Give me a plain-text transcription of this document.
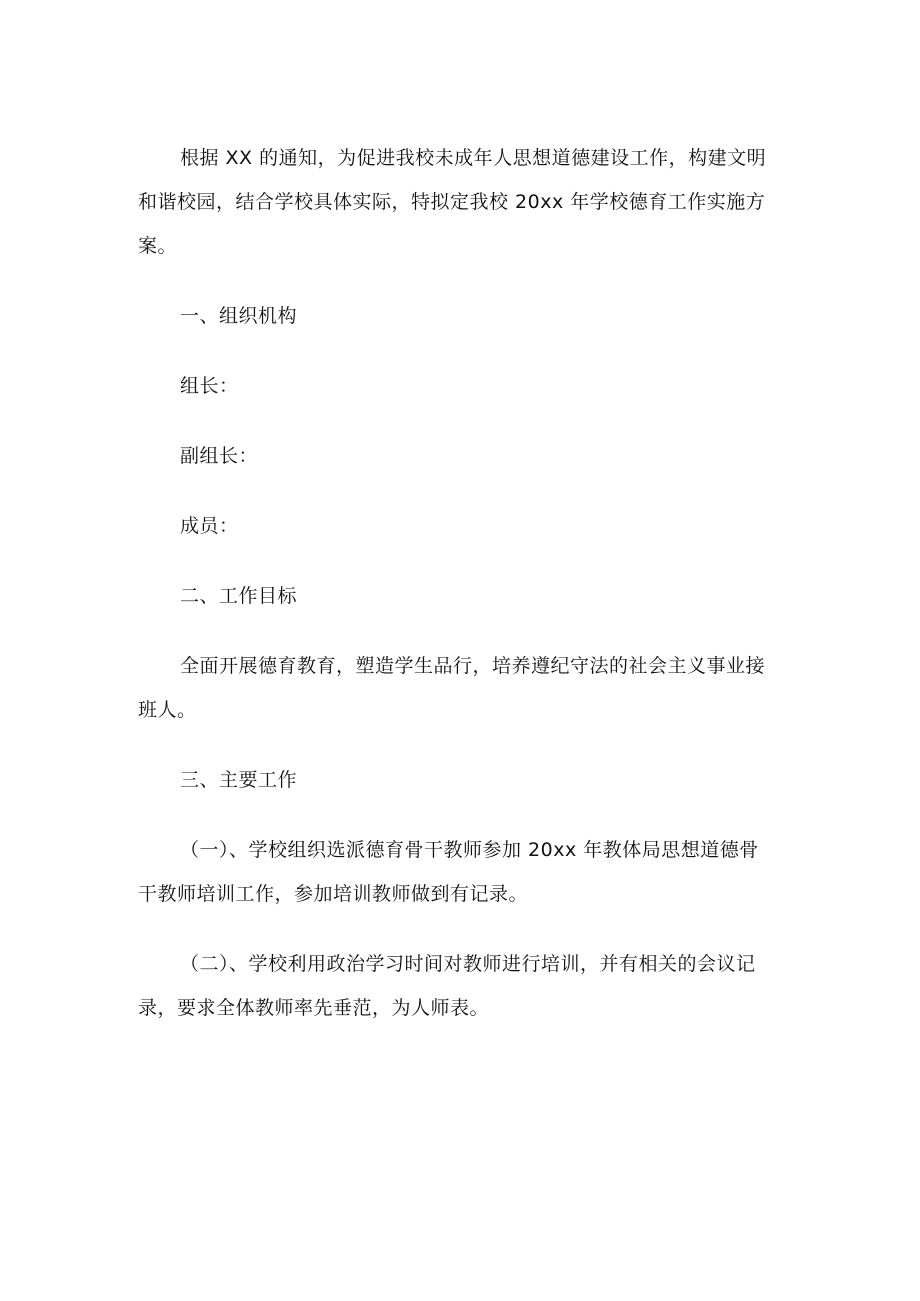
根据 XX 的通知，为促进我校未成年人思想道德建设工作，构建文明和谐校园，结合学校具体实际，特拟定我校 20xx 年学校德育工作实施方案。

一、组织机构

组长：

副组长：

成员：

二、工作目标

全面开展德育教育，塑造学生品行，培养遵纪守法的社会主义事业接班人。

三、主要工作

（一）、学校组织选派德育骨干教师参加 20xx 年教体局思想道德骨干教师培训工作，参加培训教师做到有记录。

（二）、学校利用政治学习时间对教师进行培训，并有相关的会议记录，要求全体教师率先垂范，为人师表。
